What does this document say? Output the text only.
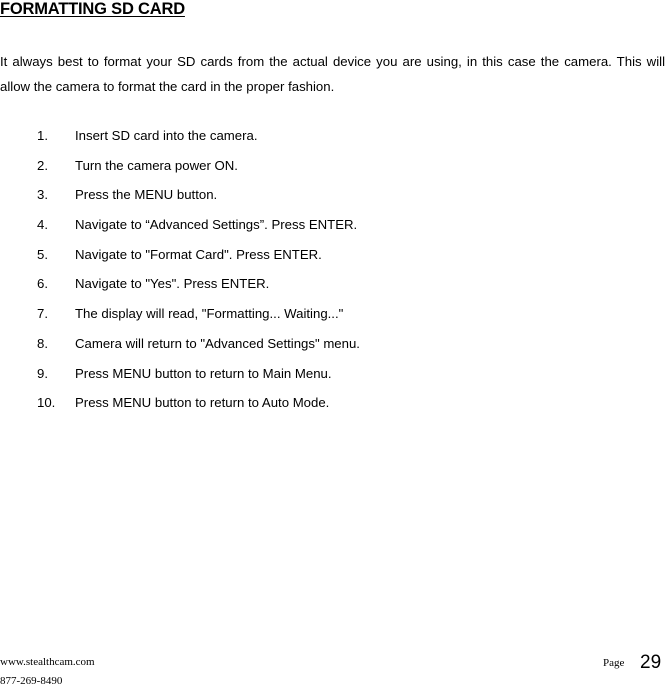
FORMATTING SD CARD

It always best to format your SD cards from the actual device you are using, in this case the camera. This will allow the camera to format the card in the proper fashion.

1. Insert SD card into the camera.
2. Turn the camera power ON.
3. Press the MENU button.
4. Navigate to “Advanced Settings”. Press ENTER.
5. Navigate to "Format Card". Press ENTER.
6. Navigate to "Yes". Press ENTER.
7. The display will read, "Formatting... Waiting..."
8. Camera will return to "Advanced Settings" menu.
9. Press MENU button to return to Main Menu.
10. Press MENU button to return to Auto Mode.
www.stealthcam.com
877-269-8490
Page 29
